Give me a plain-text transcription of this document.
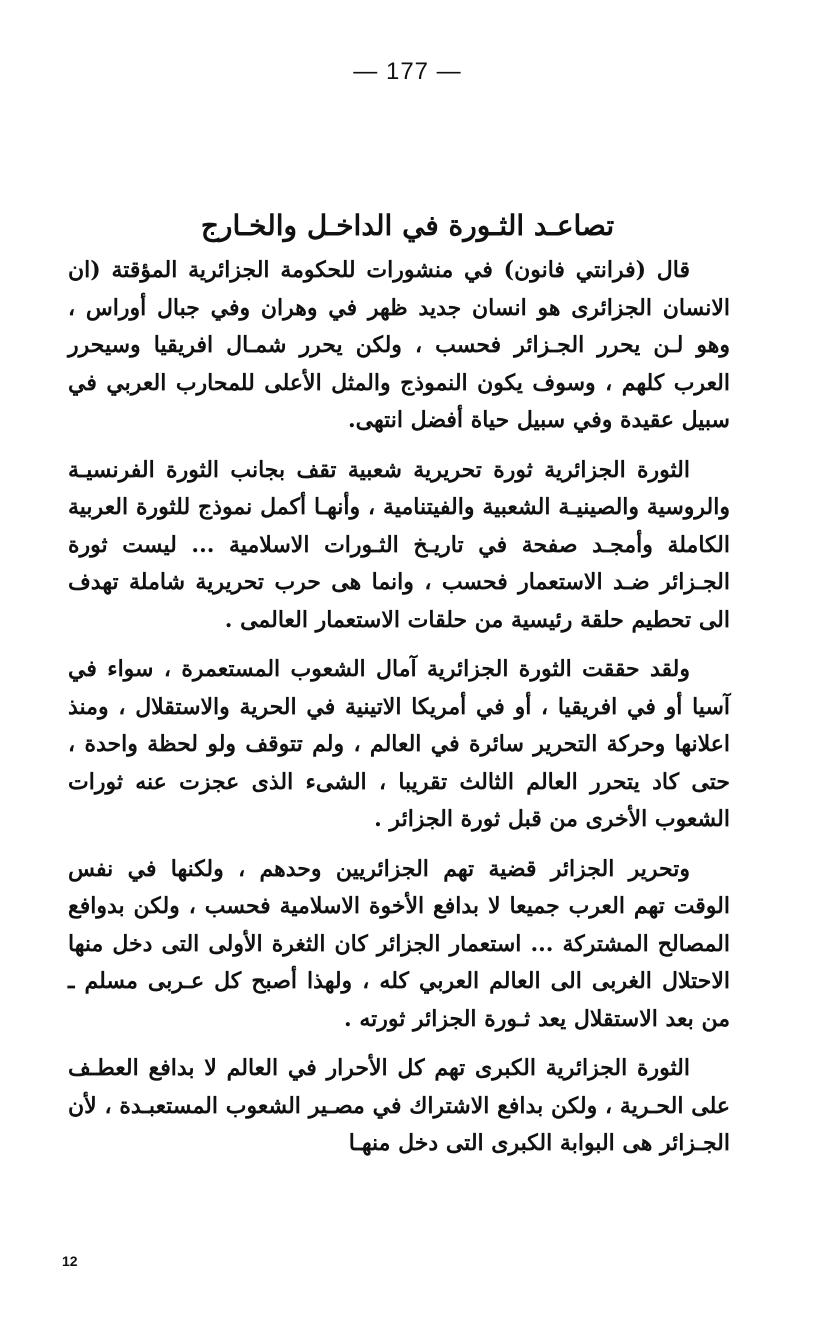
— 177 —
تصاعـد الثـورة في الداخـل والخـارج

قال (فرانتي فانون) في منشورات للحكومة الجزائرية المؤقتة (ان الانسان الجزائرى هو انسان جديد ظهر في وهران وفي جبال أوراس ، وهو لـن يحرر الجـزائر فحسب ، ولكن يحرر شمـال افريقيا وسيحرر العرب كلهم ، وسوف يكون النموذج والمثل الأعلى للمحارب العربي في سبيل عقيدة وفي سبيل حياة أفضل انتهى.

الثورة الجزائرية ثورة تحريرية شعبية تقف بجانب الثورة الفرنسيـة والروسية والصينيـة الشعبية والفيتنامية ، وأنهـا أكمل نموذج للثورة العربية الكاملة وأمجـد صفحة في تاريـخ الثـورات الاسلامية ... ليست ثورة الجـزائر ضـد الاستعمار فحسب ، وانما هى حرب تحريرية شاملة تهدف الى تحطيم حلقة رئيسية من حلقات الاستعمار العالمى .

ولقد حققت الثورة الجزائرية آمال الشعوب المستعمرة ، سواء في آسيا أو في افريقيا ، أو في أمريكا الاتينية في الحرية والاستقلال ، ومنذ اعلانها وحركة التحرير سائرة في العالم ، ولم تتوقف ولو لحظة واحدة ، حتى كاد يتحرر العالم الثالث تقريبا ، الشىء الذى عجزت عنه ثورات الشعوب الأخرى من قبل ثورة الجزائر .

وتحرير الجزائر قضية تهم الجزائريين وحدهم ، ولكنها في نفس الوقت تهم العرب جميعا لا بدافع الأخوة الاسلامية فحسب ، ولكن بدوافع المصالح المشتركة ... استعمار الجزائر كان الثغرة الأولى التى دخل منها الاحتلال الغربى الى العالم العربي كله ، ولهذا أصبح كل عـربى مسلم ـ من بعد الاستقلال يعد ثـورة الجزائر ثورته .

الثورة الجزائرية الكبرى تهم كل الأحرار في العالم لا بدافع العطـف على الحـرية ، ولكن بدافع الاشتراك في مصـير الشعوب المستعبـدة ، لأن الجـزائر هى البوابة الكبرى التى دخل منهـا

12
